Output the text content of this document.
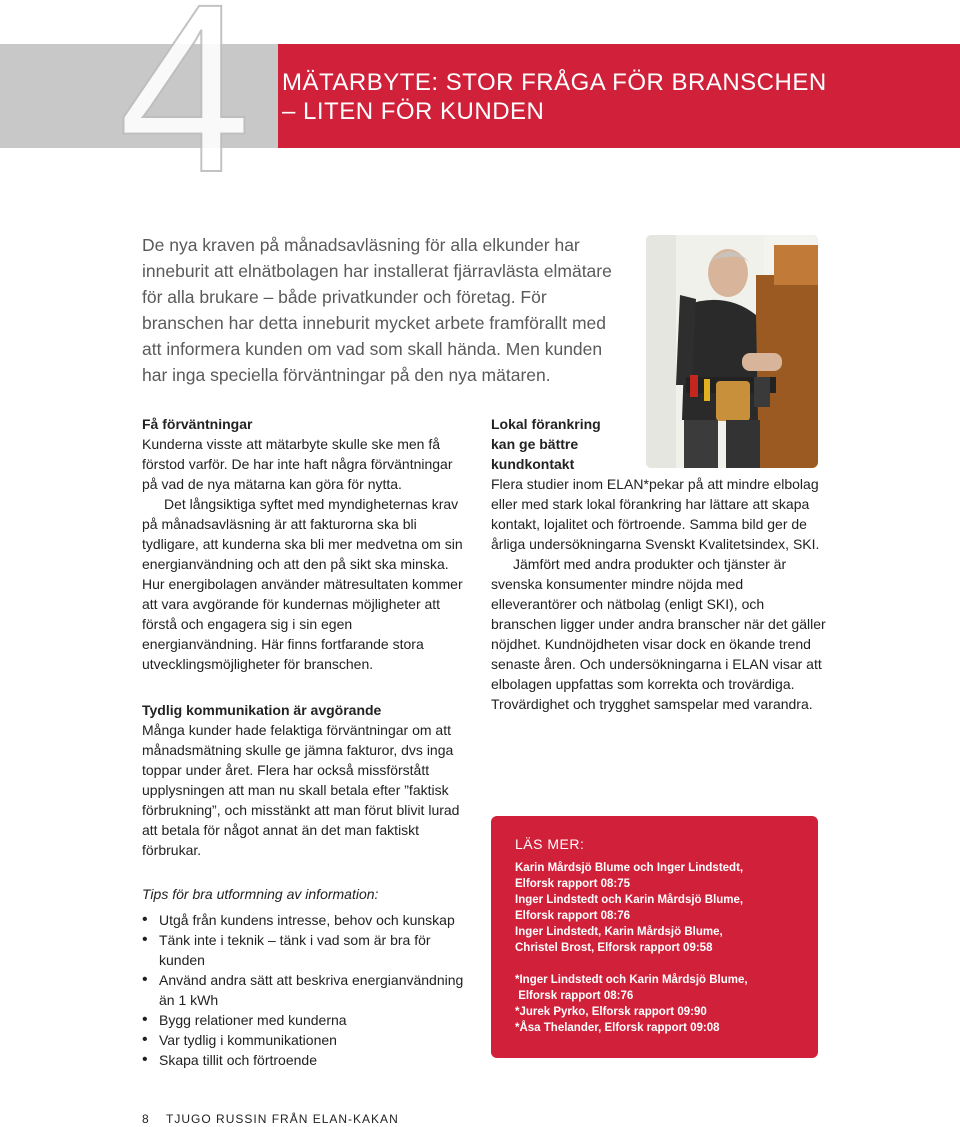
4	MÄTARBYTE: STOR FRÅGA FÖR BRANSCHEN
– LITEN FÖR KUNDEN
De nya kraven på månadsavläsning för alla elkunder har inneburit att elnätbolagen har installerat fjärravlästa elmätare för alla brukare – både privatkunder och företag. För branschen har detta inneburit mycket arbete framförallt med att informera kunden om vad som skall hända. Men kunden har inga speciella förväntningar på den nya mätaren.
Få förväntningar

Kunderna visste att mätarbyte skulle ske men få förstod varför. De har inte haft några förväntningar på vad de nya mätarna kan göra för nytta.

Det långsiktiga syftet med myndigheternas krav på månadsavläsning är att fakturorna ska bli tydligare, att kunderna ska bli mer medvetna om sin energianvändning och att den på sikt ska minska. Hur energibolagen använder mätresultaten kommer att vara avgörande för kundernas möjligheter att förstå och engagera sig i sin egen energianvändning. Här finns fortfarande stora utvecklingsmöjligheter för branschen.

Tydlig kommunikation är avgörande

Många kunder hade felaktiga förväntningar om att månadsmätning skulle ge jämna fakturor, dvs inga toppar under året. Flera har också missförstått upplysningen att man nu skall betala efter ”faktisk förbrukning”, och misstänkt att man förut blivit lurad att betala för något annat än det man faktiskt förbrukar.

Tips för bra utformning av information:

• Utgå från kundens intresse, behov och kunskap
• Tänk inte i teknik – tänk i vad som är bra för kunden
• Använd andra sätt att beskriva energianvändning än 1 kWh
• Bygg relationer med kunderna
• Var tydlig i kommunikationen
• Skapa tillit och förtroende
Lokal förankring kan ge bättre kundkontakt

Flera studier inom ELAN*pekar på att mindre elbolag eller med stark lokal förankring har lättare att skapa kontakt, lojalitet och förtroende. Samma bild ger de årliga undersökningarna Svenskt Kvalitetsindex, SKI.

Jämfört med andra produkter och tjänster är svenska konsumenter mindre nöjda med elleverantörer och nätbolag (enligt SKI), och branschen ligger under andra branscher när det gäller nöjdhet. Kundnöjdheten visar dock en ökande trend senaste åren. Och undersökningarna i ELAN visar att elbolagen uppfattas som korrekta och trovärdiga. Trovärdighet och trygghet samspelar med varandra.

LÄS MER:
Karin Mårdsjö Blume och Inger Lindstedt,
Elforsk rapport 08:75
Inger Lindstedt och Karin Mårdsjö Blume,
Elforsk rapport 08:76
Inger Lindstedt, Karin Mårdsjö Blume,
Christel Brost, Elforsk rapport 09:58
*Inger Lindstedt och Karin Mårdsjö Blume,
Elforsk rapport 08:76
*Jurek Pyrko, Elforsk rapport 09:90
*Åsa Thelander, Elforsk rapport 09:08
8 TJUGO RUSSIN FRÅN ELAN-KAKAN
